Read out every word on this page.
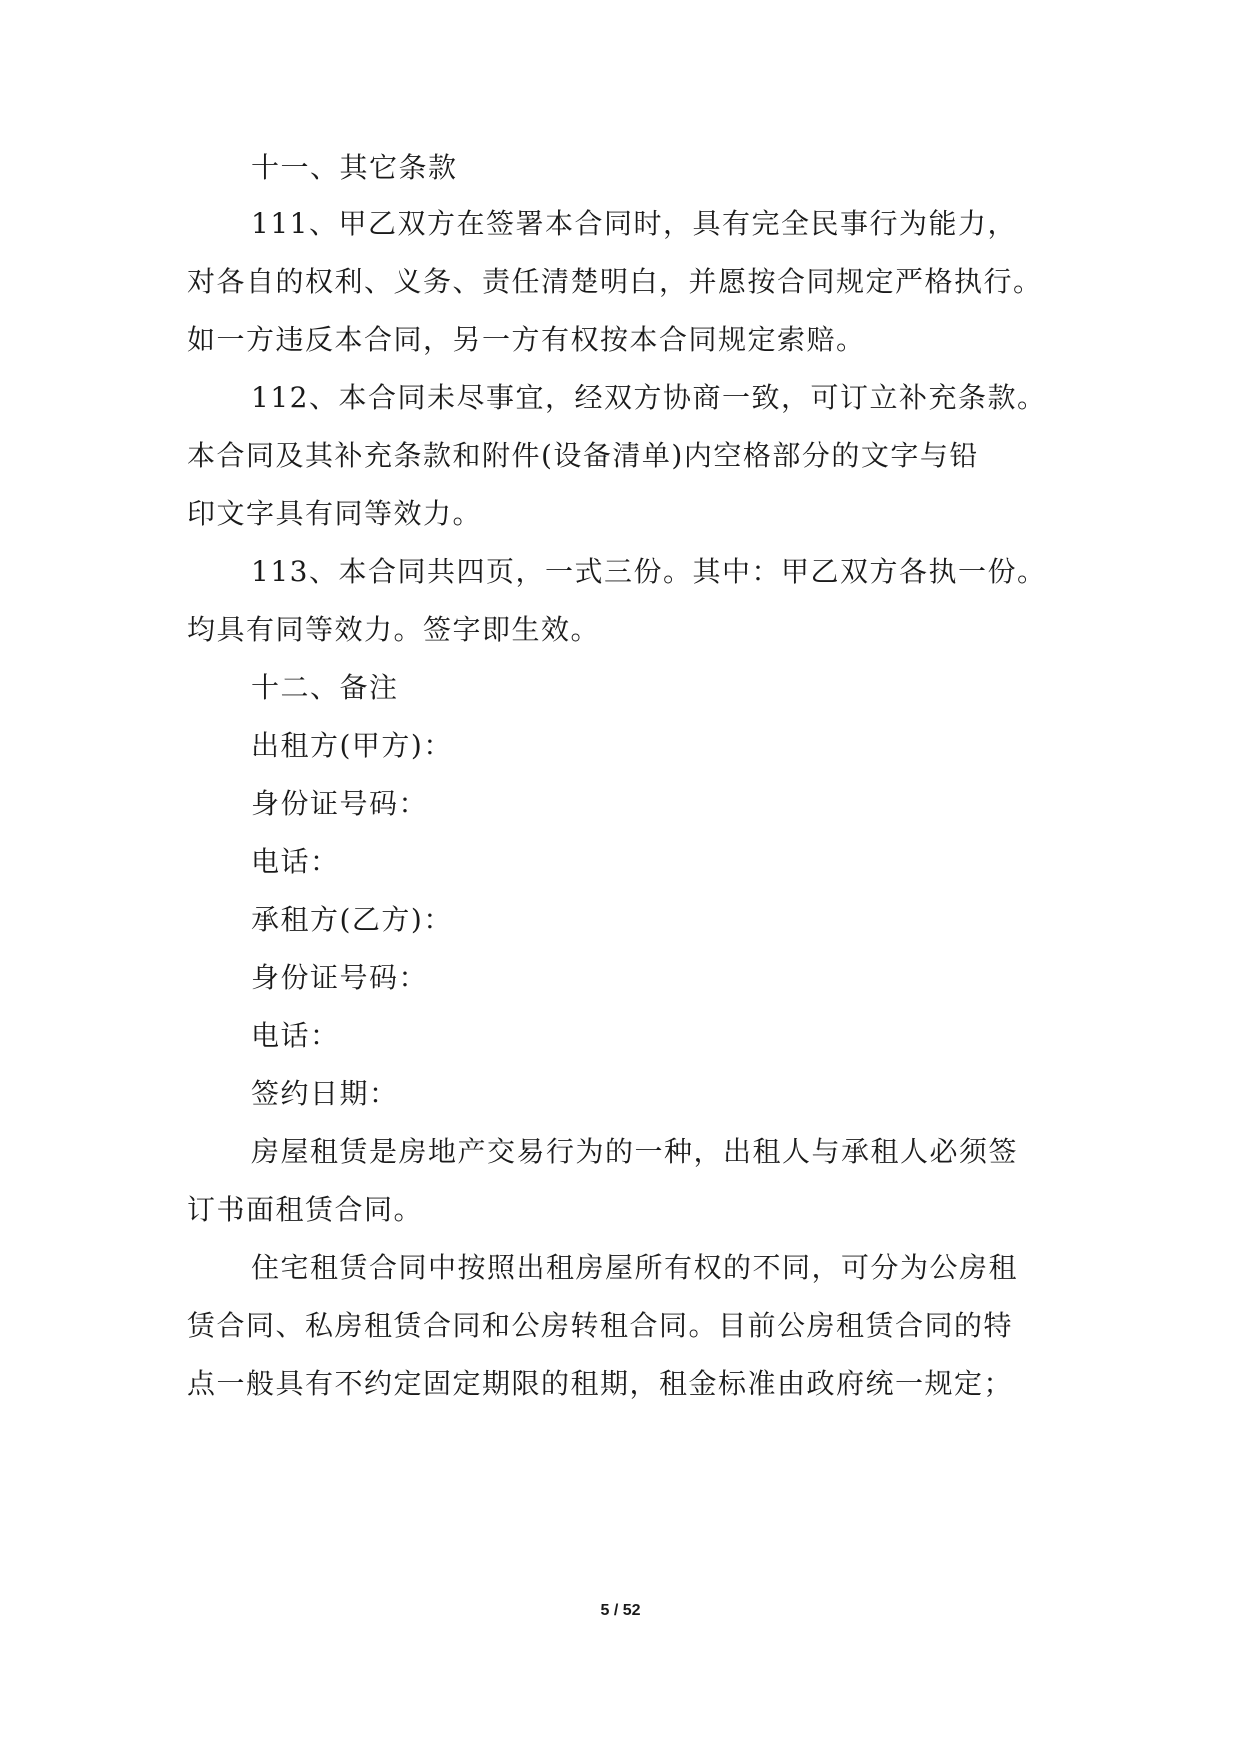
十一、其它条款
111、甲乙双方在签署本合同时，具有完全民事行为能力，
对各自的权利、义务、责任清楚明白，并愿按合同规定严格执行。
如一方违反本合同，另一方有权按本合同规定索赔。
112、本合同未尽事宜，经双方协商一致，可订立补充条款。
本合同及其补充条款和附件(设备清单)内空格部分的文字与铅
印文字具有同等效力。
113、本合同共四页，一式三份。其中：甲乙双方各执一份。
均具有同等效力。签字即生效。
十二、备注
出租方(甲方)：
身份证号码：
电话：
承租方(乙方)：
身份证号码：
电话：
签约日期：
房屋租赁是房地产交易行为的一种，出租人与承租人必须签
订书面租赁合同。
住宅租赁合同中按照出租房屋所有权的不同，可分为公房租
赁合同、私房租赁合同和公房转租合同。目前公房租赁合同的特
点一般具有不约定固定期限的租期，租金标准由政府统一规定；
5 / 52
